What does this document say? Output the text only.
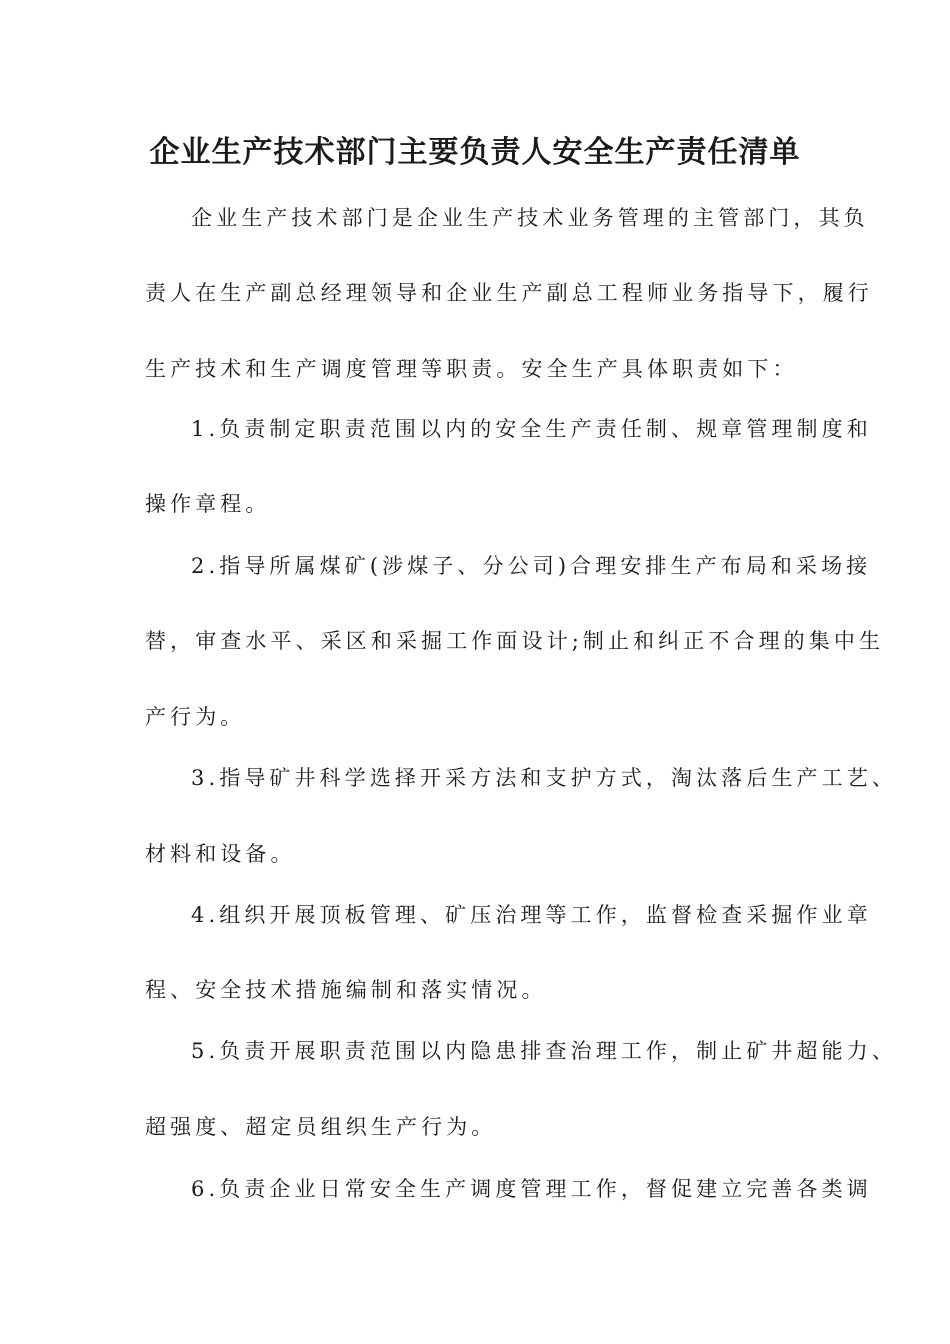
企业生产技术部门主要负责人安全生产责任清单

企业生产技术部门是企业生产技术业务管理的主管部门，其负

责人在生产副总经理领导和企业生产副总工程师业务指导下，履行

生产技术和生产调度管理等职责。安全生产具体职责如下：

1.负责制定职责范围以内的安全生产责任制、规章管理制度和

操作章程。

2.指导所属煤矿(涉煤子、分公司)合理安排生产布局和采场接

替，审查水平、采区和采掘工作面设计;制止和纠正不合理的集中生

产行为。

3.指导矿井科学选择开采方法和支护方式，淘汰落后生产工艺、

材料和设备。

4.组织开展顶板管理、矿压治理等工作，监督检查采掘作业章

程、安全技术措施编制和落实情况。

5.负责开展职责范围以内隐患排查治理工作，制止矿井超能力、

超强度、超定员组织生产行为。

6.负责企业日常安全生产调度管理工作，督促建立完善各类调
